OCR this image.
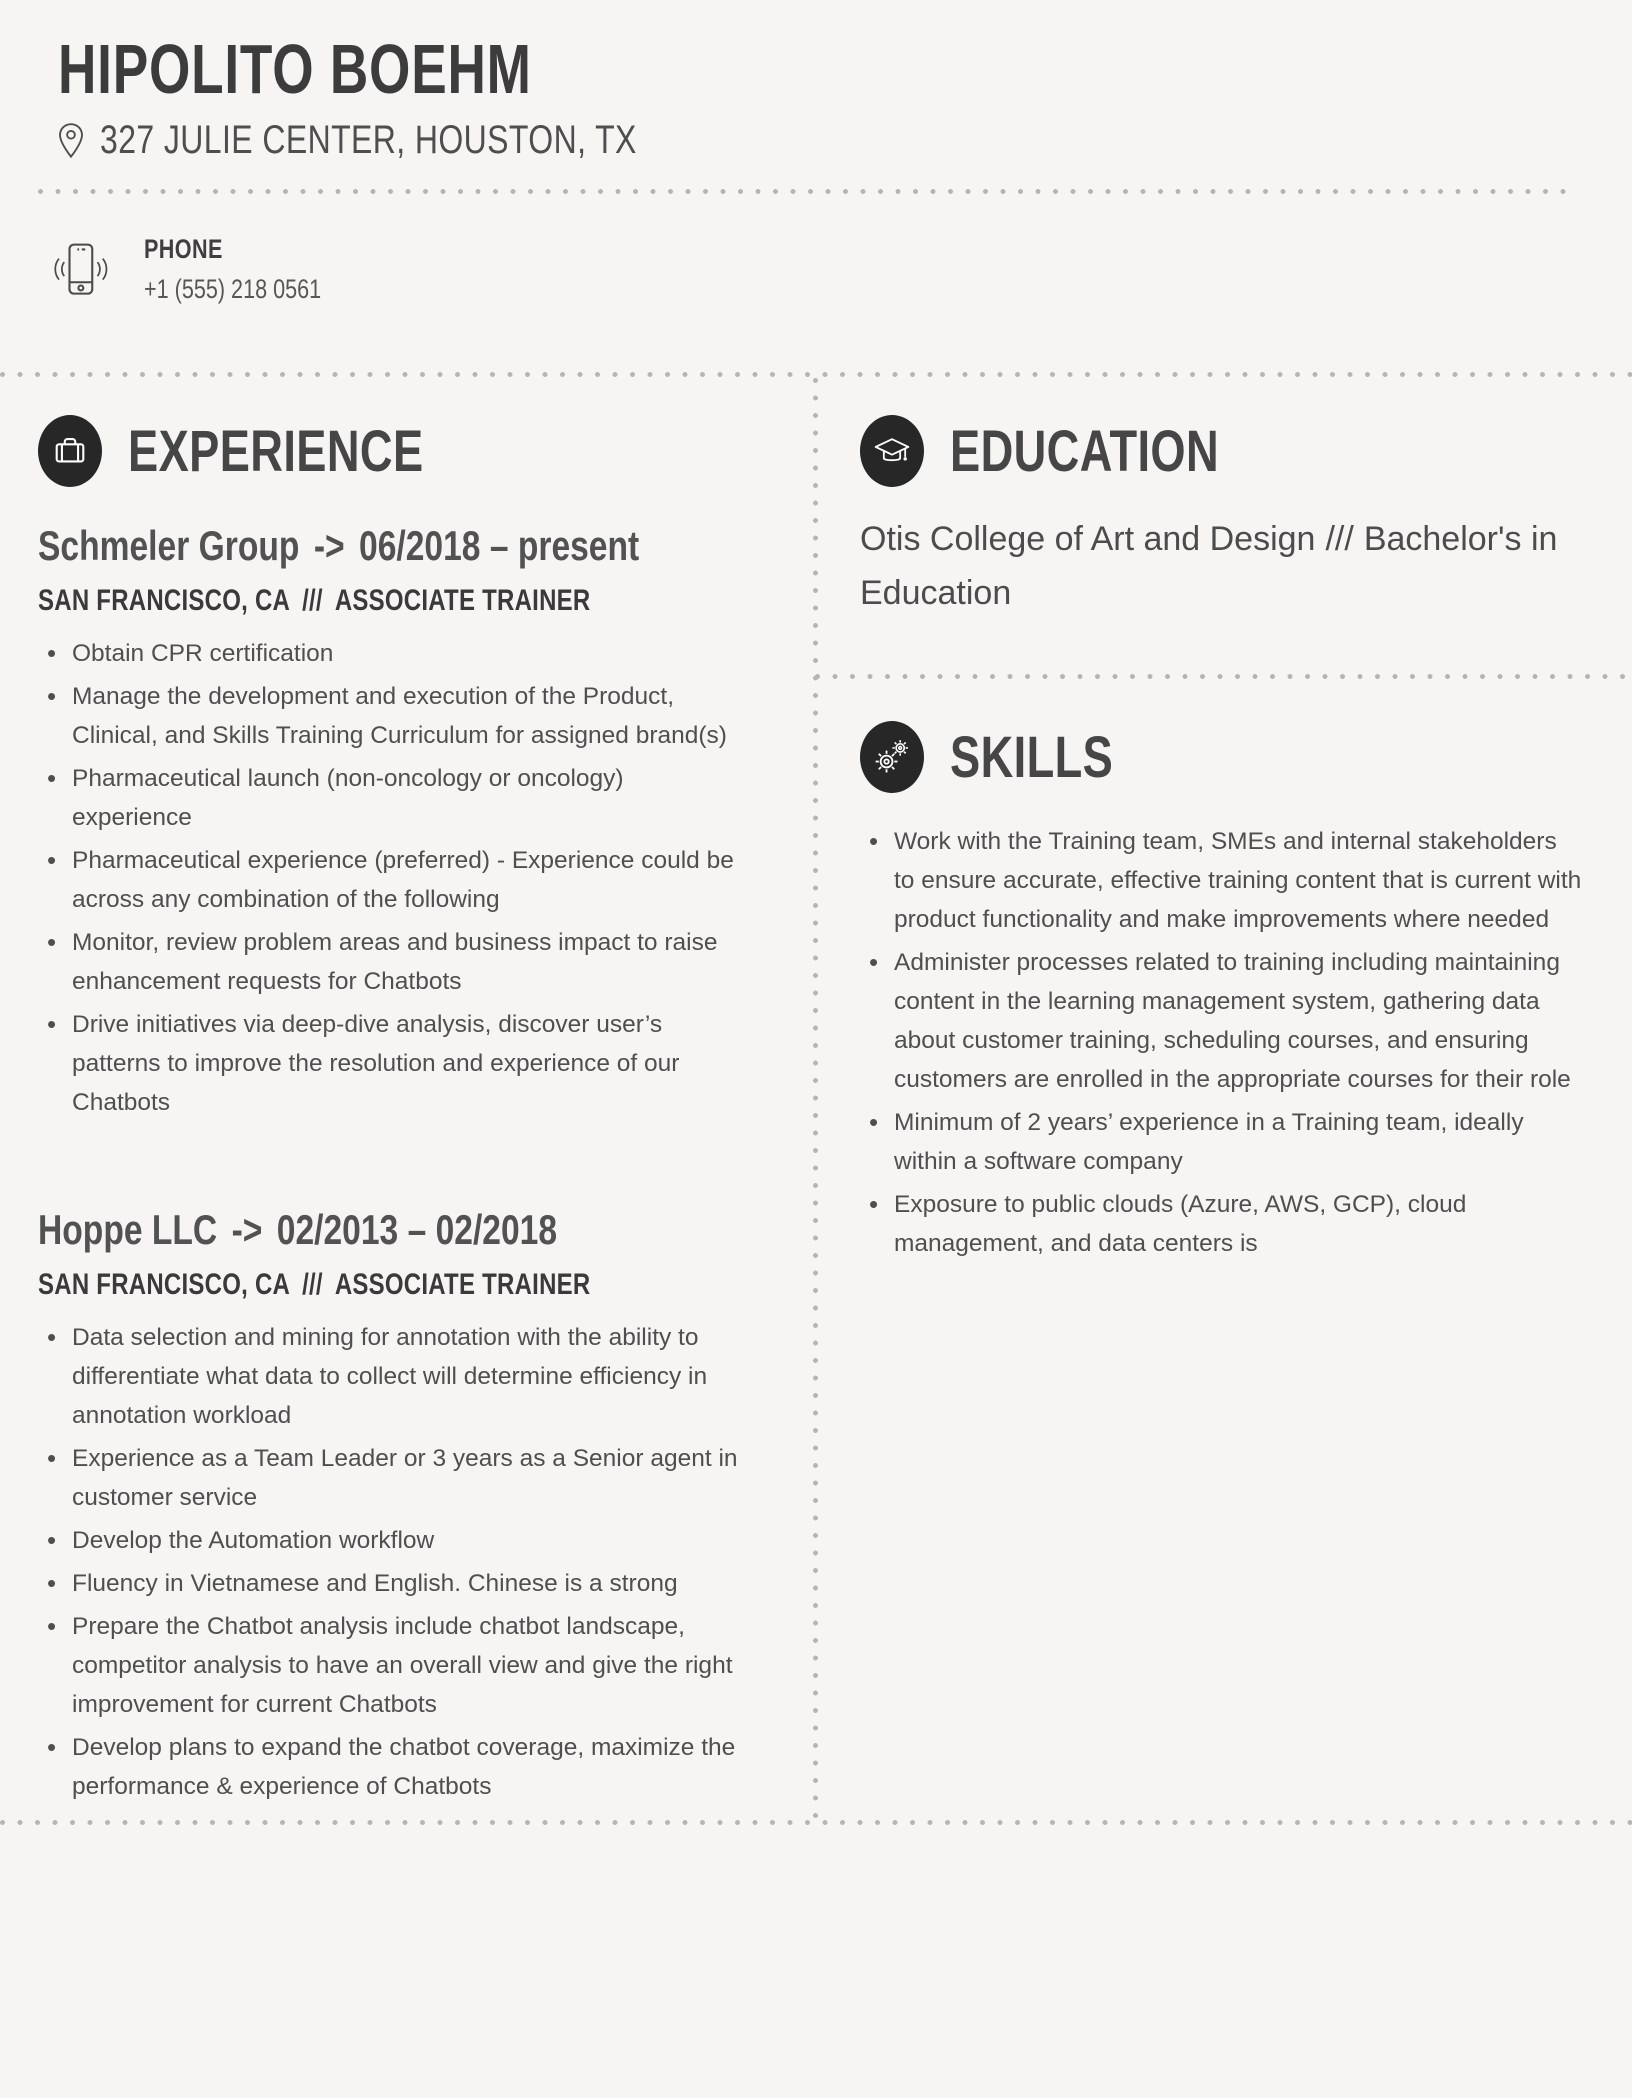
HIPOLITO BOEHM
327 JULIE CENTER, HOUSTON, TX
PHONE
+1 (555) 218 0561
EXPERIENCE
Schmeler Group -> 06/2018 – present
SAN FRANCISCO, CA /// ASSOCIATE TRAINER
• Obtain CPR certification
• Manage the development and execution of the Product, Clinical, and Skills Training Curriculum for assigned brand(s)
• Pharmaceutical launch (non-oncology or oncology) experience
• Pharmaceutical experience (preferred) - Experience could be across any combination of the following
• Monitor, review problem areas and business impact to raise enhancement requests for Chatbots
• Drive initiatives via deep-dive analysis, discover user’s patterns to improve the resolution and experience of our Chatbots
Hoppe LLC -> 02/2013 – 02/2018
SAN FRANCISCO, CA /// ASSOCIATE TRAINER
• Data selection and mining for annotation with the ability to differentiate what data to collect will determine efficiency in annotation workload
• Experience as a Team Leader or 3 years as a Senior agent in customer service
• Develop the Automation workflow
• Fluency in Vietnamese and English. Chinese is a strong
• Prepare the Chatbot analysis include chatbot landscape, competitor analysis to have an overall view and give the right improvement for current Chatbots
• Develop plans to expand the chatbot coverage, maximize the performance & experience of Chatbots
EDUCATION

Otis College of Art and Design /// Bachelor's in Education

SKILLS
• Work with the Training team, SMEs and internal stakeholders to ensure accurate, effective training content that is current with product functionality and make improvements where needed
• Administer processes related to training including maintaining content in the learning management system, gathering data about customer training, scheduling courses, and ensuring customers are enrolled in the appropriate courses for their role
• Minimum of 2 years’ experience in a Training team, ideally within a software company
• Exposure to public clouds (Azure, AWS, GCP), cloud management, and data centers is
